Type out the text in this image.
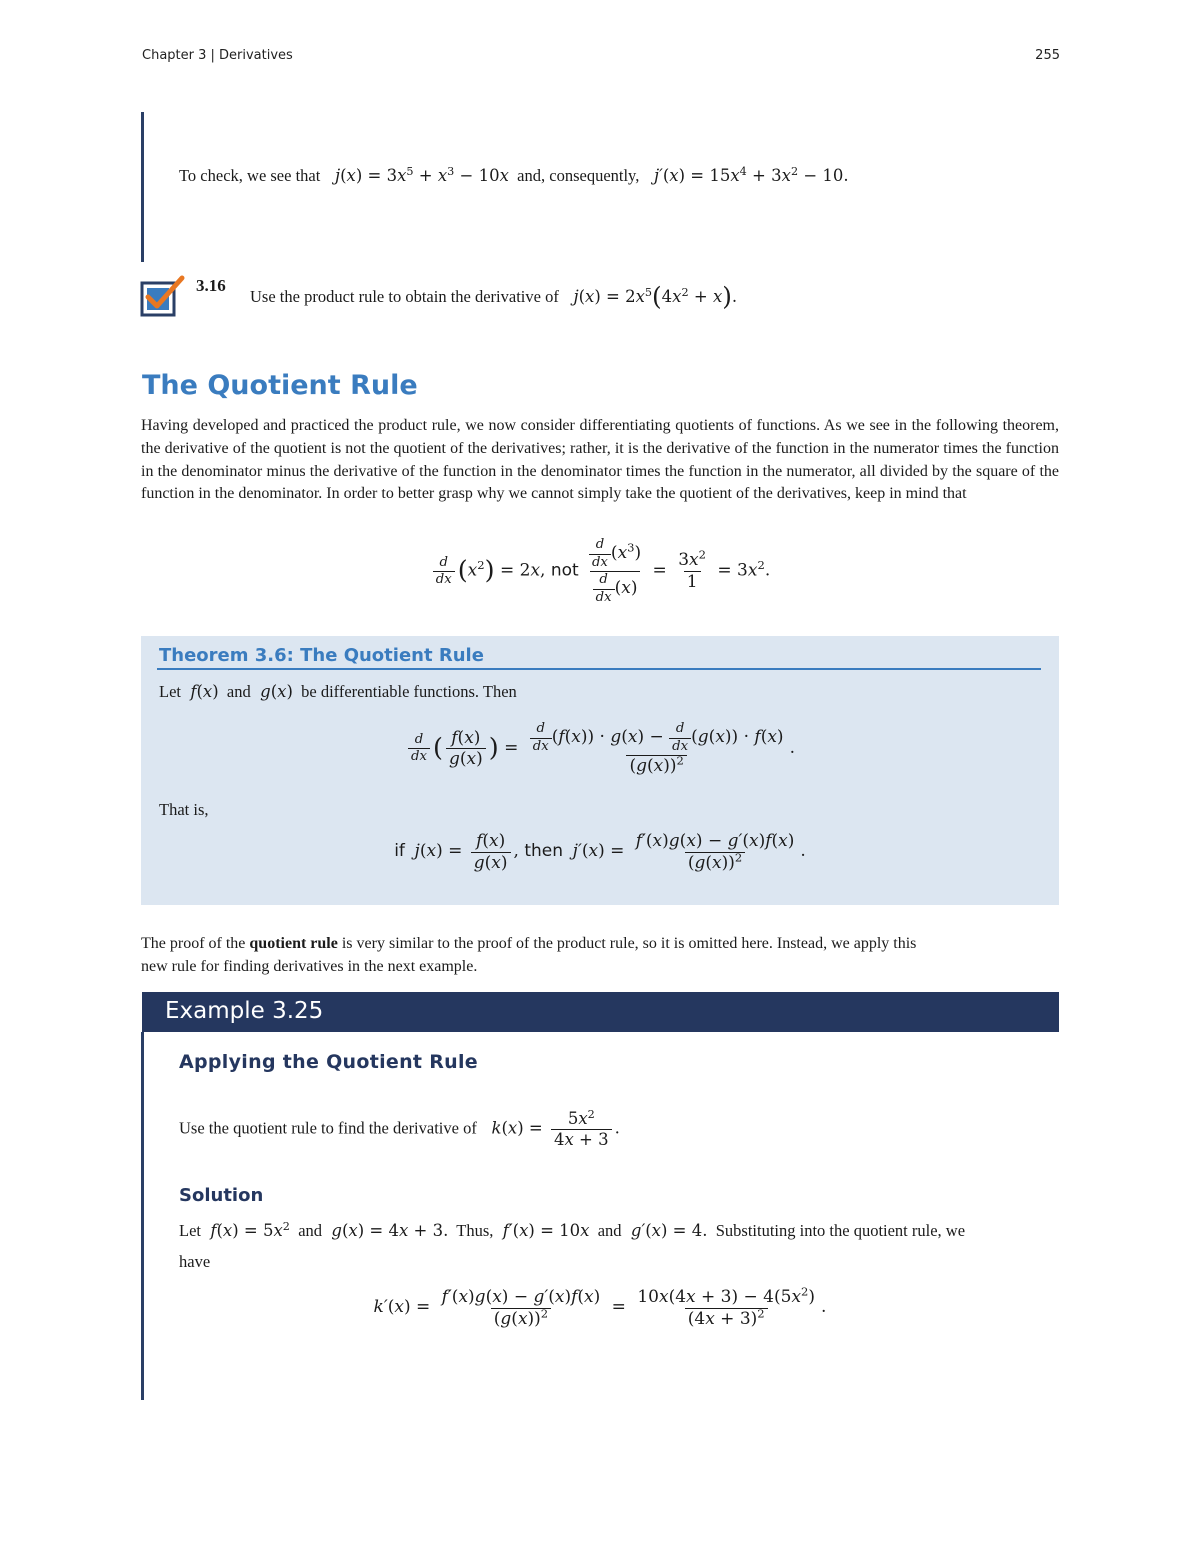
Chapter 3 | Derivatives	255
To check, we see that   $j(x) = 3x^5 + x^3 - 10x$ and, consequently,   $j'(x) = 15x^4 + 3x^2 - 10$.
3.16
Use the product rule to obtain the derivative of   $j(x) = 2x^5(4x^2 + x)$.
The Quotient Rule

Having developed and practiced the product rule, we now consider differentiating quotients of functions. As we see in the following theorem, the derivative of the quotient is not the quotient of the derivatives; rather, it is the derivative of the function in the numerator times the function in the denominator minus the derivative of the function in the denominator times the function in the numerator, all divided by the square of the function in the denominator. In order to better grasp why we cannot simply take the quotient of the derivatives, keep in mind that

$\frac{d}{dx} (x^2) = 2x$, not $\frac{\frac{d}{dx} (x^3)}{\frac{d}{dx} (x)} = \frac{3x^2}{1} = 3x^2$.
Theorem 3.6: The Quotient Rule
Let  f(x) and  g(x) be differentiable functions. Then
$\frac{d}{dx}$ ( $\frac{f(x)}{g(x)}$ ) = $\frac{\frac{d}{dx} (f(x)) \cdot g(x) - \frac{d}{dx} (g(x)) \cdot f(x)}{(g(x))^2}$ .
That is,
if  $j(x) = \frac{f(x)}{g(x)}$ , then  $j'(x) = \frac{f'(x)g(x) - g'(x)f(x)}{(g(x))^2}$ .
The proof of the quotient rule is very similar to the proof of the product rule, so it is omitted here. Instead, we apply this
new rule for finding derivatives in the next example.
Example 3.25
Applying the Quotient Rule
Use the quotient rule to find the derivative of   $k(x) = \frac{5x^2}{4x + 3}$ .
Solution
Let  $f(x) = 5x^2$ and  g(x) = 4x + 3. Thus,  f′(x) = 10x and  g′(x) = 4. Substituting into the quotient rule, we
have
$k'(x) = \frac{f'(x)g(x) - g'(x)f(x)}{(g(x))^2} = \frac{10x(4x + 3) - 4(5x^2)}{(4x + 3)^2}$ .
